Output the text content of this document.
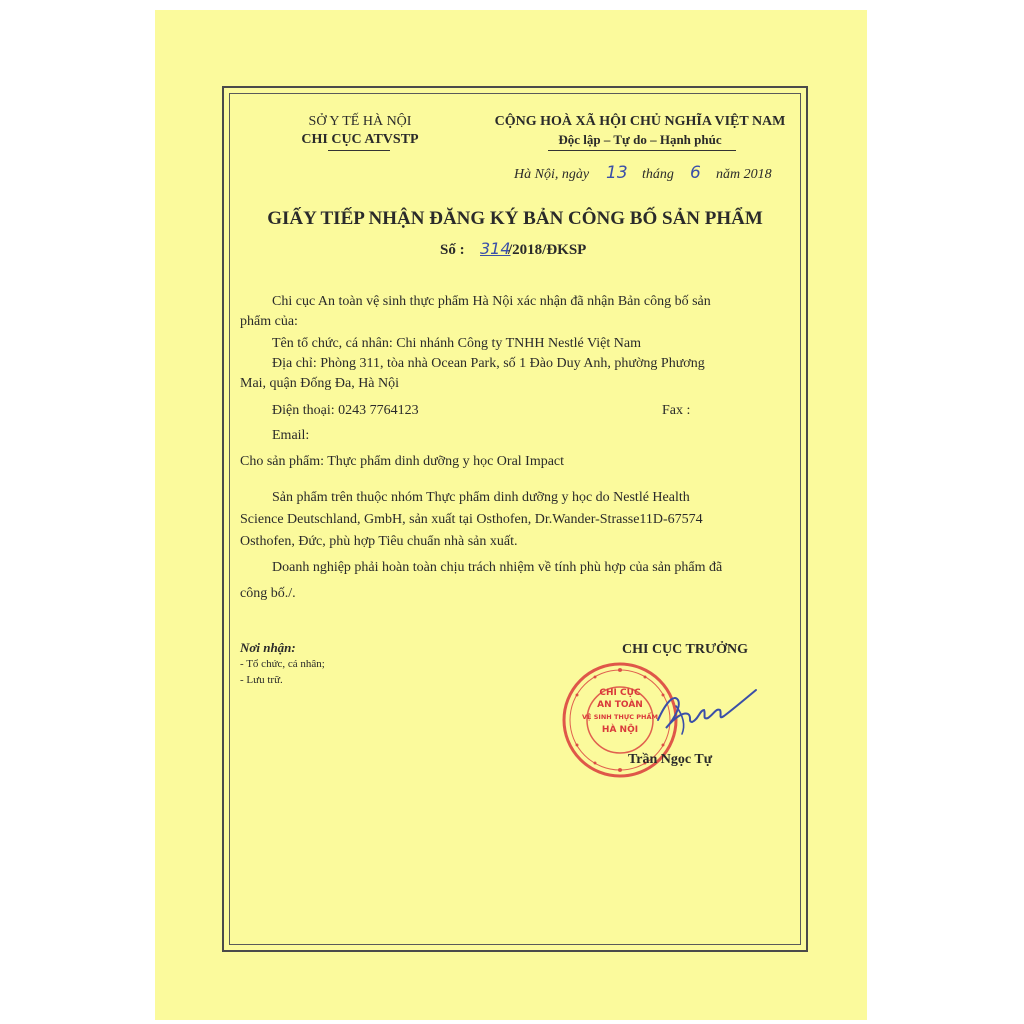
SỞ Y TẾ HÀ NỘI
CHI CỤC ATVSTP
CỘNG HOÀ XÃ HỘI CHỦ NGHĨA VIỆT NAM
Độc lập – Tự do – Hạnh phúc
Hà Nội, ngày 13 tháng 6 năm 2018
GIẤY TIẾP NHẬN ĐĂNG KÝ BẢN CÔNG BỐ SẢN PHẨM
Số : 314
/2018/ĐKSP
Chi cục An toàn vệ sinh thực phẩm Hà Nội xác nhận đã nhận Bản công bố sản
phẩm của:
Tên tổ chức, cá nhân: Chi nhánh Công ty TNHH Nestlé Việt Nam
Địa chỉ: Phòng 311, tòa nhà Ocean Park, số 1 Đào Duy Anh, phường Phương
Mai, quận Đống Đa, Hà Nội
Điện thoại: 0243 7764123	Fax :
Email:
Cho sản phẩm: Thực phẩm dinh dưỡng y học Oral Impact
Sản phẩm trên thuộc nhóm Thực phẩm dinh dưỡng y học do Nestlé Health
Science Deutschland, GmbH, sản xuất tại Osthofen, Dr.Wander-Strasse11D-67574
Osthofen, Đức, phù hợp Tiêu chuẩn nhà sản xuất.
Doanh nghiệp phải hoàn toàn chịu trách nhiệm về tính phù hợp của sản phẩm đã
công bố./.
Nơi nhận:
- Tổ chức, cá nhân;
- Lưu trữ.
CHI CỤC TRƯỞNG
CHI CỤC
AN TOÀN
VỆ SINH THỰC PHẨM
HÀ NỘI
Trần Ngọc Tự
